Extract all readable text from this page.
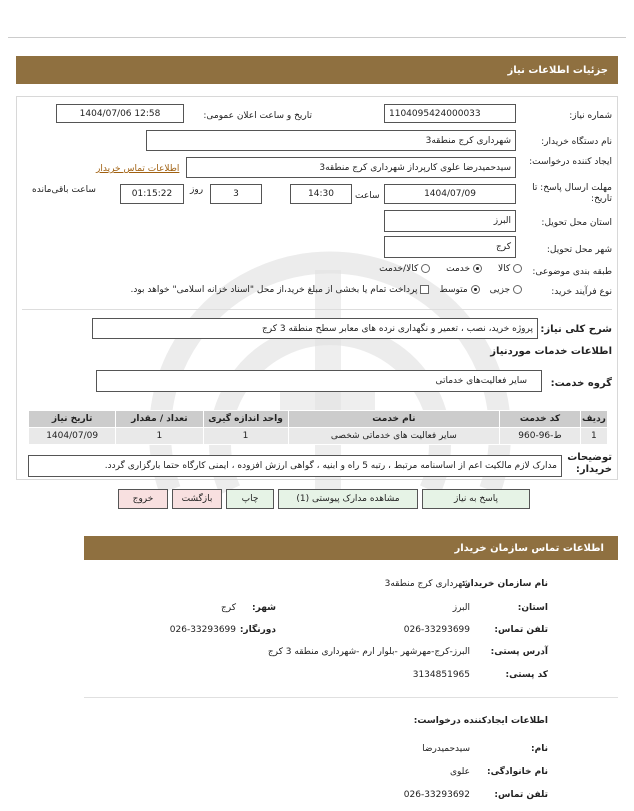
جزئیات اطلاعات نیاز
شماره نیاز:
1104095424000033
تاریخ و ساعت اعلان عمومی:
1404/07/06 12:58
نام دستگاه خریدار:
شهرداری کرج منطقه3
ایجاد کننده درخواست:
سیدحمیدرضا علوی کارپرداز شهرداری کرج منطقه3
اطلاعات تماس خریدار
مهلت ارسال پاسخ: تا تاریخ:
1404/07/09
ساعت
14:30
3
روز
01:15:22
ساعت باقی‌مانده
استان محل تحویل:
البرز
شهر محل تحویل:
کرج
طبقه بندی موضوعی:
کالا
خدمت
کالا/خدمت
نوع فرآیند خرید:
جزیی
متوسط
پرداخت تمام یا بخشی از مبلغ خرید،از محل "اسناد خزانه اسلامی" خواهد بود.
شرح کلی نیاز:
پروژه خرید، نصب ، تعمیر و نگهداری نرده های معابر سطح منطقه 3 کرج
اطلاعات خدمات موردنیاز
گروه خدمت:
سایر فعالیت‌های خدماتی
ردیف	کد خدمت	نام خدمت	واحد اندازه گیری	تعداد / مقدار	تاریخ نیاز
1	ط-96-960	سایر فعالیت های خدماتی شخصی	1	1	1404/07/09
توضیحات خریدار:
مدارک لازم مالکیت اعم از اساسنامه مرتبط ، رتبه 5 راه و ابنیه ، گواهی ارزش افزوده ، ایمنی کارگاه حتما بارگزاری گردد.
پاسخ به نیاز
مشاهده مدارک پیوستی (1)
چاپ
بازگشت
خروج
اطلاعات تماس سازمان خریدار
نام سازمان خریدار:
شهرداری کرج منطقه3
استان:
البرز
شهر:
کرج
تلفن تماس:
026-33293699
دورنگار:
026-33293699
آدرس پستی:
البرز-کرج-مهرشهر -بلوار ارم -شهرداری منطقه 3 کرج
کد پستی:
3134851965
اطلاعات ایجادکننده درخواست:
نام:
سیدحمیدرضا
نام خانوادگی:
علوی
تلفن تماس:
026-33293692
